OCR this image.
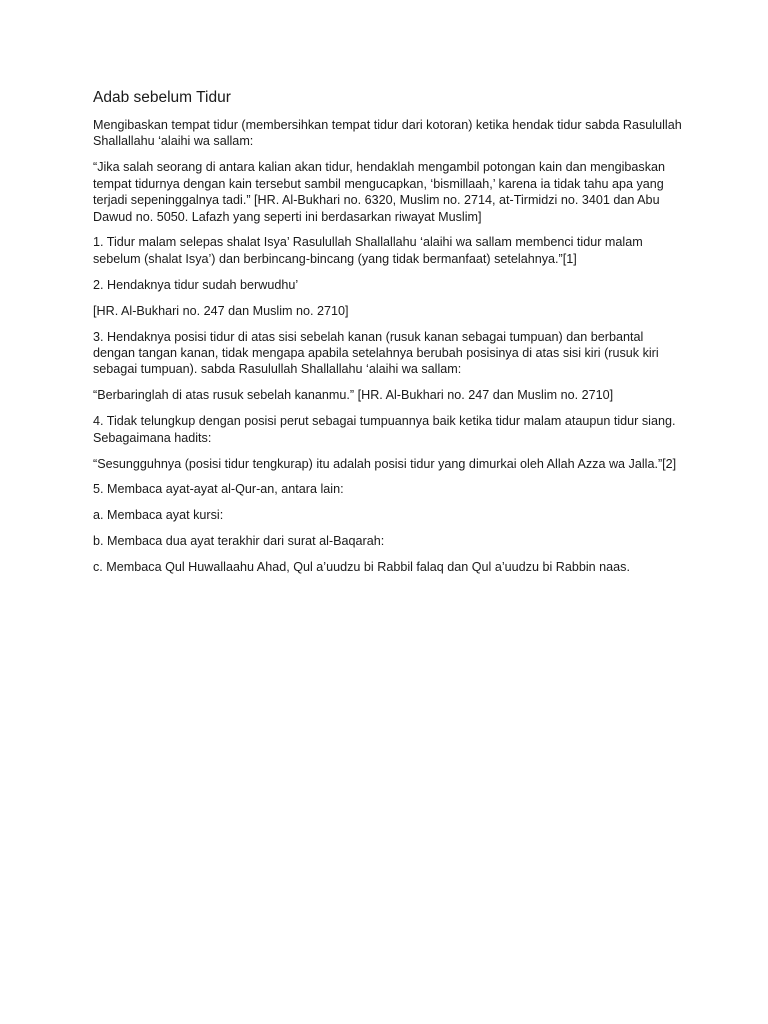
Adab sebelum Tidur

Mengibaskan tempat tidur (membersihkan tempat tidur dari kotoran) ketika hendak tidur sabda Rasulullah Shallallahu ‘alaihi wa sallam:

“Jika salah seorang di antara kalian akan tidur, hendaklah mengambil potongan kain dan mengibaskan tempat tidurnya dengan kain tersebut sambil mengucapkan, ‘bismillaah,’ karena ia tidak tahu apa yang terjadi sepeninggalnya tadi.” [HR. Al-Bukhari no. 6320, Muslim no. 2714, at-Tirmidzi no. 3401 dan Abu Dawud no. 5050. Lafazh yang seperti ini berdasarkan riwayat Muslim]

1. Tidur malam selepas shalat Isya’ Rasulullah Shallallahu ‘alaihi wa sallam membenci tidur malam sebelum (shalat Isya’) dan berbincang-bincang (yang tidak bermanfaat) setelahnya.”[1]

2. Hendaknya tidur sudah berwudhu’

[HR. Al-Bukhari no. 247 dan Muslim no. 2710]

3. Hendaknya posisi tidur di atas sisi sebelah kanan (rusuk kanan sebagai tumpuan) dan berbantal dengan tangan kanan, tidak mengapa apabila setelahnya berubah posisinya di atas sisi kiri (rusuk kiri sebagai tumpuan). sabda Rasulullah Shallallahu ‘alaihi wa sallam:

“Berbaringlah di atas rusuk sebelah kananmu.” [HR. Al-Bukhari no. 247 dan Muslim no. 2710]

4. Tidak telungkup dengan posisi perut sebagai tumpuannya baik ketika tidur malam ataupun tidur siang. Sebagaimana hadits:

“Sesungguhnya (posisi tidur tengkurap) itu adalah posisi tidur yang dimurkai oleh Allah Azza wa Jalla.”[2]

5. Membaca ayat-ayat al-Qur-an, antara lain:

a. Membaca ayat kursi:

b. Membaca dua ayat terakhir dari surat al-Baqarah:

c. Membaca Qul Huwallaahu Ahad, Qul a’uudzu bi Rabbil falaq dan Qul a’uudzu bi Rabbin naas.
